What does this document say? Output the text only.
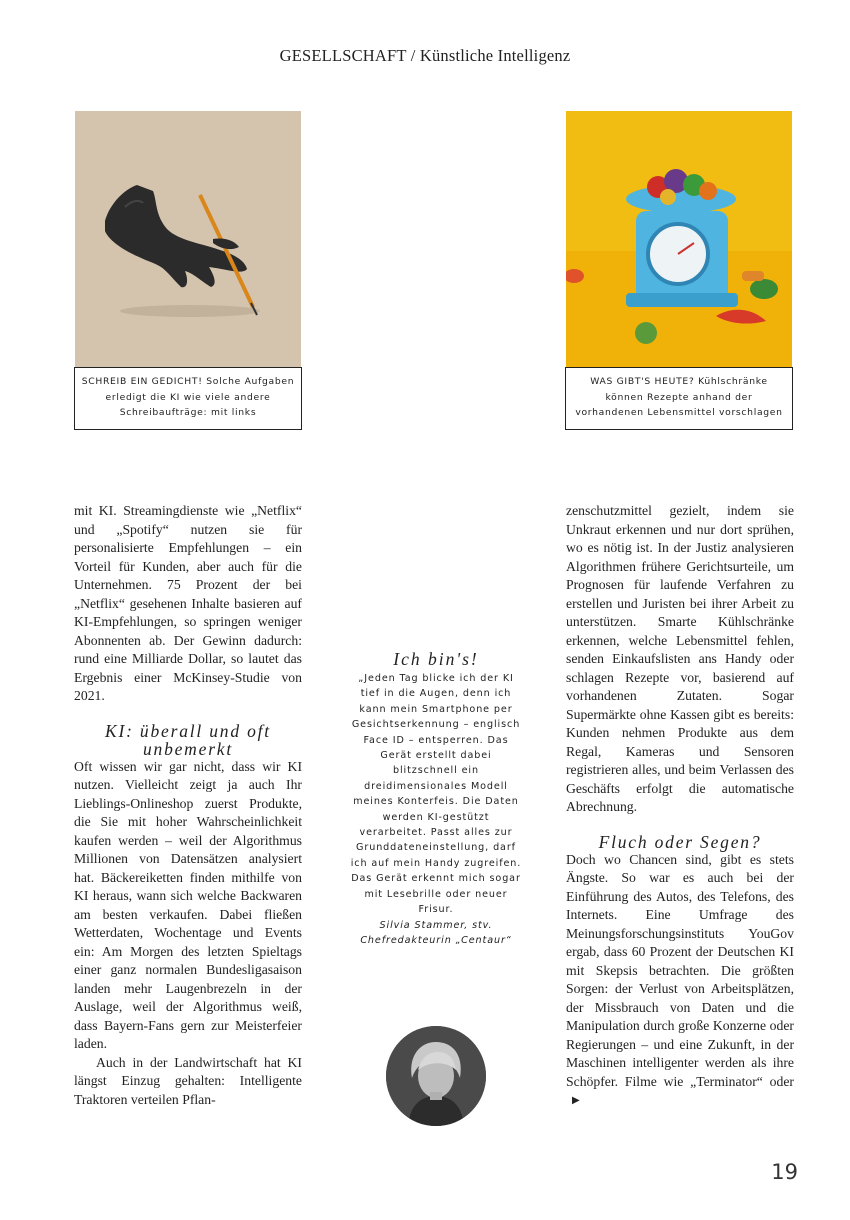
GESELLSCHAFT / Künstliche Intelligenz
SCHREIB EIN GEDICHT! Solche Aufgaben erledigt die KI wie viele andere Schreibaufträge: mit links
WAS GIBT'S HEUTE? Kühlschränke können Rezepte anhand der vorhandenen Lebensmittel vorschlagen

mit KI. Streamingdienste wie „Netflix“ und „Spotify“ nutzen sie für personalisierte Empfehlungen – ein Vorteil für Kunden, aber auch für die Unternehmen. 75 Prozent der bei „Netflix“ gesehenen Inhalte basieren auf KI-Empfehlungen, so springen weniger Abonnenten ab. Der Gewinn dadurch: rund eine Milliarde Dollar, so lautet das Ergebnis einer McKinsey-Studie von 2021.

KI: überall und oft unbemerkt

Oft wissen wir gar nicht, dass wir KI nutzen. Vielleicht zeigt ja auch Ihr Lieblings-Onlineshop zuerst Produkte, die Sie mit hoher Wahrscheinlichkeit kaufen werden – weil der Algorithmus Millionen von Datensätzen analysiert hat. Bäckereiketten finden mithilfe von KI heraus, wann sich welche Backwaren am besten verkaufen. Dabei fließen Wetterdaten, Wochentage und Events ein: Am Morgen des letzten Spieltags einer ganz normalen Bundesligasaison landen mehr Laugenbrezeln in der Auslage, weil der Algorithmus weiß, dass Bayern-Fans gern zur Meisterfeier laden.

Auch in der Landwirtschaft hat KI längst Einzug gehalten: Intelligente Traktoren verteilen Pflan-

Ich bin's!
„Jeden Tag blicke ich der KI tief in die Augen, denn ich kann mein Smartphone per Gesichtserkennung – englisch Face ID – entsperren. Das Gerät erstellt dabei blitzschnell ein dreidimensionales Modell meines Konterfeis. Die Daten werden KI-gestützt verarbeitet. Passt alles zur Grunddateneinstellung, darf ich auf mein Handy zugreifen. Das Gerät erkennt mich sogar mit Lesebrille oder neuer Frisur.
Silvia Stammer, stv. Chefredakteurin „Centaur“

zenschutzmittel gezielt, indem sie Unkraut erkennen und nur dort sprühen, wo es nötig ist. In der Justiz analysieren Algorithmen frühere Gerichtsurteile, um Prognosen für laufende Verfahren zu erstellen und Juristen bei ihrer Arbeit zu unterstützen. Smarte Kühlschränke erkennen, welche Lebensmittel fehlen, senden Einkaufslisten ans Handy oder schlagen Rezepte vor, basierend auf vorhandenen Zutaten. Sogar Supermärkte ohne Kassen gibt es bereits: Kunden nehmen Produkte aus dem Regal, Kameras und Sensoren registrieren alles, und beim Verlassen des Geschäfts erfolgt die automatische Abrechnung.

Fluch oder Segen?

Doch wo Chancen sind, gibt es stets Ängste. So war es auch bei der Einführung des Autos, des Telefons, des Internets. Eine Umfrage des Meinungsforschungsinstituts YouGov ergab, dass 60 Prozent der Deutschen KI mit Skepsis betrachten. Die größten Sorgen: der Verlust von Arbeitsplätzen, der Missbrauch von Daten und die Manipulation durch große Konzerne oder Regierungen – und eine Zukunft, in der Maschinen intelligenter werden als ihre Schöpfer. Filme wie „Terminator“ oder▶

19
